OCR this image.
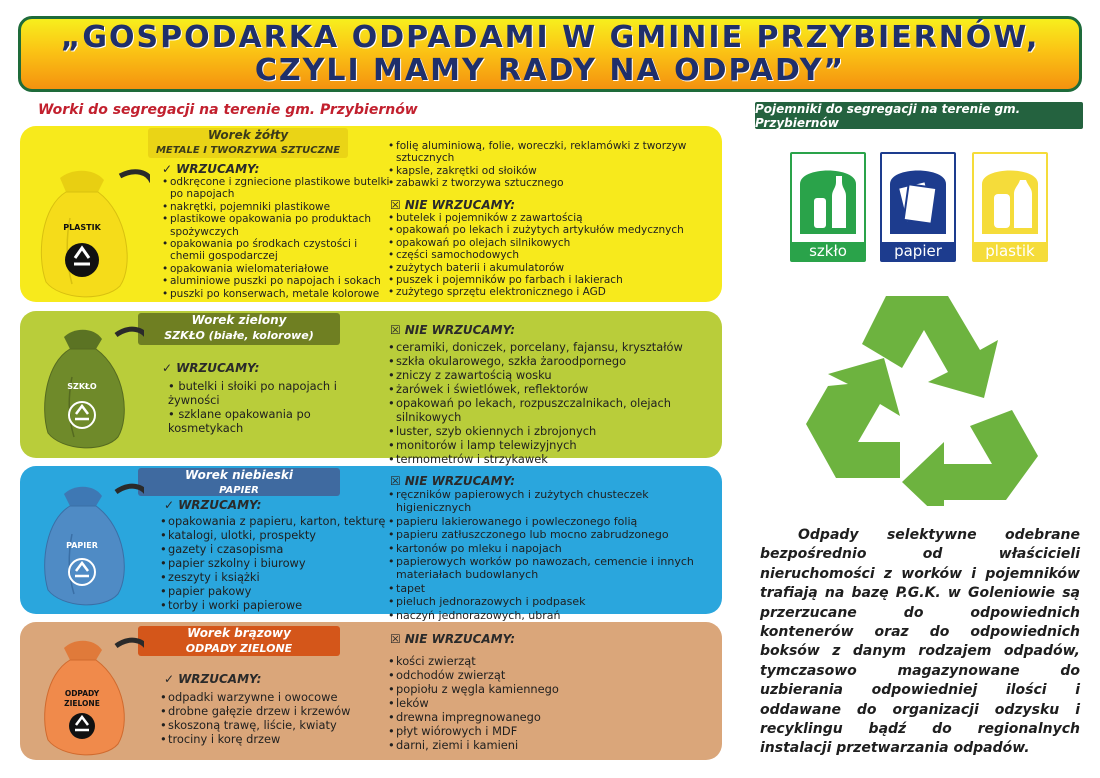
„GOSPODARKA ODPADAMI W GMINIE PRZYBIERNÓW,
CZYLI MAMY RADY NA ODPADY”
Worki do segregacji na terenie gm. Przybiernów	Pojemniki do segregacji na terenie gm. Przybiernów
Worek żółty
METALE I TWORZYWA SZTUCZNE
PLASTIK
✓ WRZUCAMY:
• odkręcone i zgniecione plastikowe butelki po napojach
• nakrętki, pojemniki plastikowe
• plastikowe opakowania po produktach spożywczych
• opakowania po środkach czystości i chemii gospodarczej
• opakowania wielomateriałowe
• aluminiowe puszki po napojach i sokach
• puszki po konserwach, metale kolorowe
• folię aluminiową, folie, woreczki, reklamówki z tworzyw sztucznych
• kapsle, zakrętki od słoików
• zabawki z tworzywa sztucznego
☒ NIE WRZUCAMY:
• butelek i pojemników z zawartością
• opakowań po lekach i zużytych artykułów medycznych
• opakowań po olejach silnikowych
• części samochodowych
• zużytych baterii i akumulatorów
• puszek i pojemników po farbach i lakierach
• zużytego sprzętu elektronicznego i AGD
Worek zielony
SZKŁO (białe, kolorowe)
SZKŁO
✓ WRZUCAMY:
• butelki i słoiki po napojach i żywności
• szklane opakowania po kosmetykach
☒ NIE WRZUCAMY:
• ceramiki, doniczek, porcelany, fajansu, kryształów
• szkła okularowego, szkła żaroodpornego
• zniczy z zawartością wosku
• żarówek i świetlówek, reflektorów
• opakowań po lekach, rozpuszczalnikach, olejach silnikowych
• luster, szyb okiennych i zbrojonych
• monitorów i lamp telewizyjnych
• termometrów i strzykawek
Worek niebieski
PAPIER
PAPIER
✓ WRZUCAMY:
• opakowania z papieru, karton, tekturę
• katalogi, ulotki, prospekty
• gazety i czasopisma
• papier szkolny i biurowy
• zeszyty i książki
• papier pakowy
• torby i worki papierowe
☒ NIE WRZUCAMY:
• ręczników papierowych i zużytych chusteczek higienicznych
• papieru lakierowanego i powleczonego folią
• papieru zatłuszczonego lub mocno zabrudzonego
• kartonów po mleku i napojach
• papierowych worków po nawozach, cemencie i innych materiałach budowlanych
• tapet
• pieluch jednorazowych i podpasek
• naczyń jednorazowych, ubrań
Worek brązowy
ODPADY ZIELONE
ODPADY
ZIELONE
✓ WRZUCAMY:
• odpadki warzywne i owocowe
• drobne gałęzie drzew i krzewów
• skoszoną trawę, liście, kwiaty
• trociny i korę drzew
☒ NIE WRZUCAMY:
• kości zwierząt
• odchodów zwierząt
• popiołu z węgla kamiennego
• leków
• drewna impregnowanego
• płyt wiórowych i MDF
• darni, ziemi i kamieni
szkło	papier	plastik
Odpady selektywne odebrane bezpośrednio od właścicieli nieruchomości z worków i pojemników trafiają na bazę P.G.K. w Goleniowie są przerzucane do odpowiednich kontenerów oraz do odpowiednich boksów z danym rodzajem odpadów, tymczasowo magazynowane do uzbierania odpowiedniej ilości i oddawane do organizacji odzysku i recyklingu bądź do regionalnych instalacji przetwarzania odpadów.
